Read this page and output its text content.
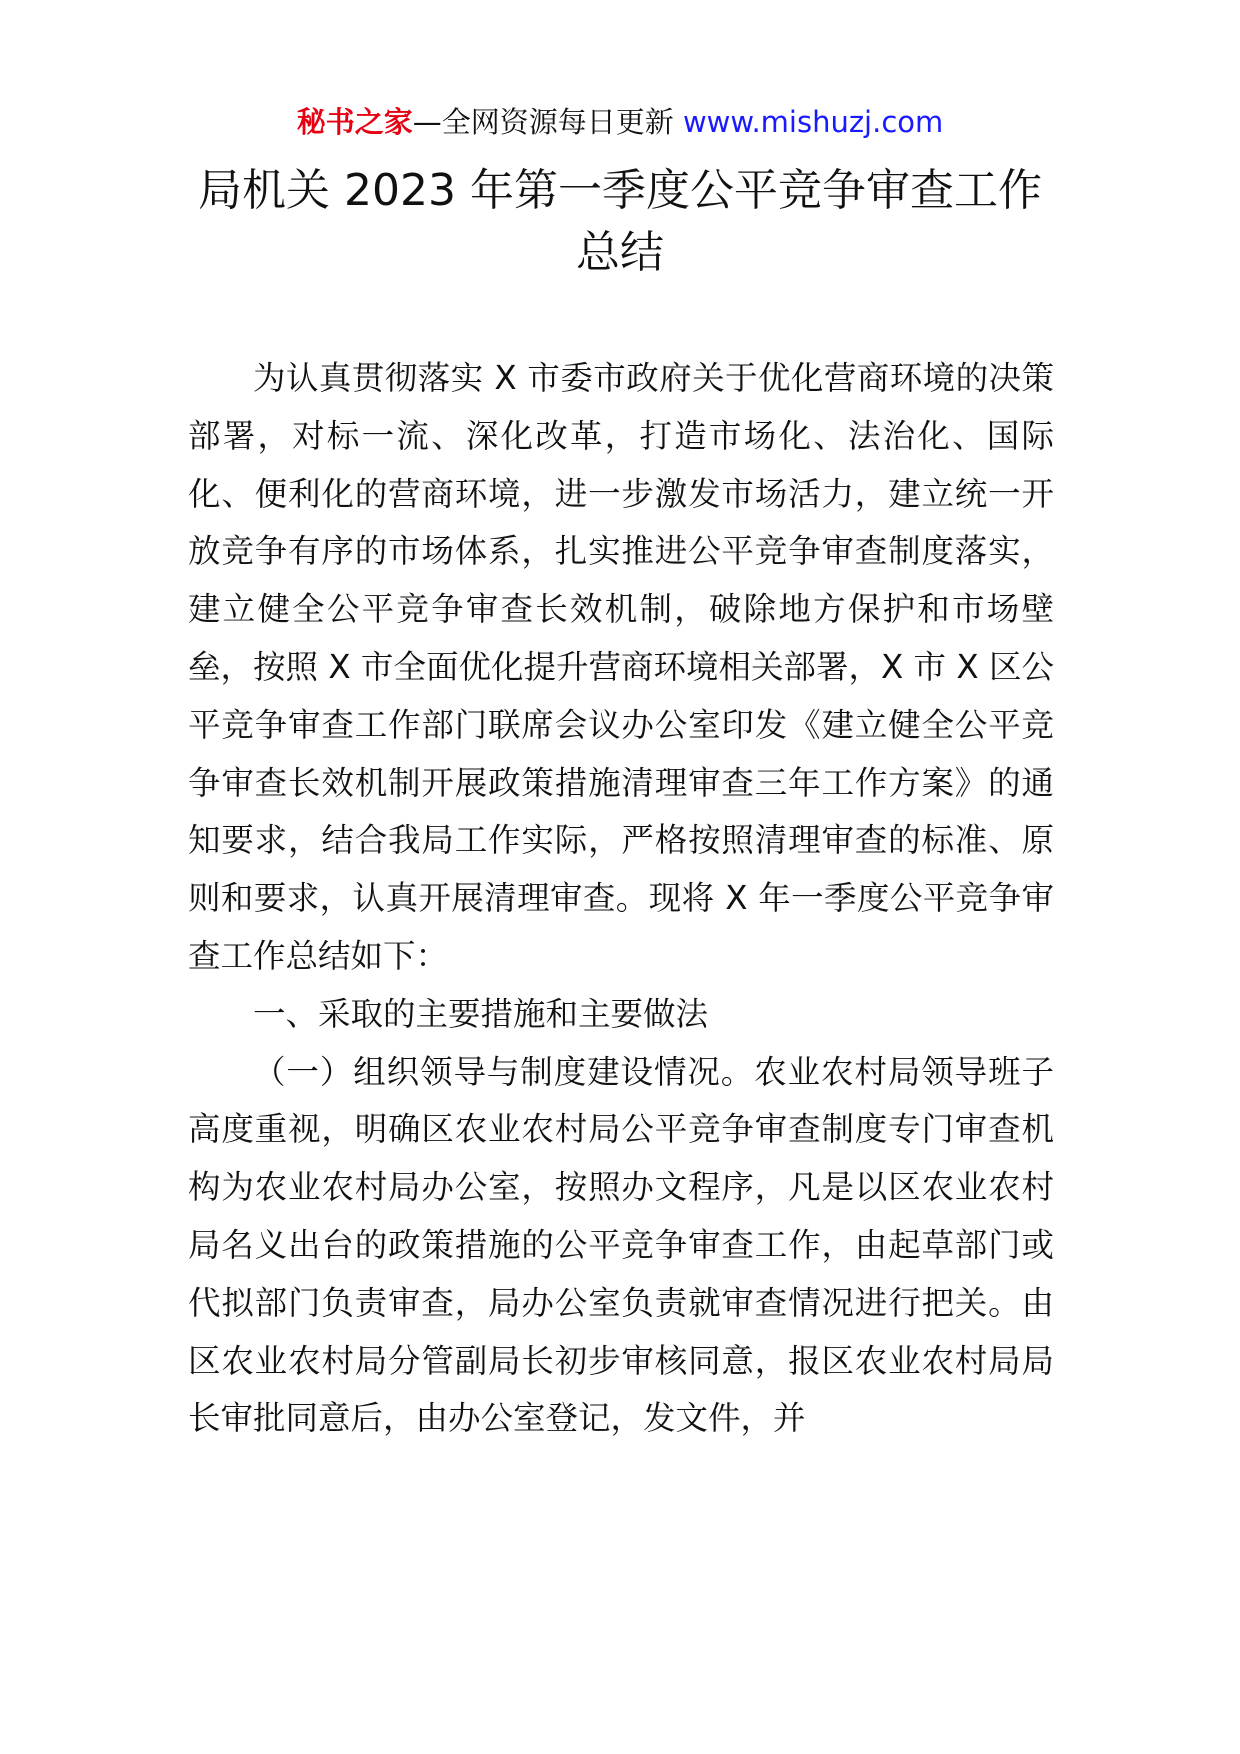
秘书之家—全网资源每日更新 www.mishuzj.com
局机关 2023 年第一季度公平竞争审查工作
总结

为认真贯彻落实 X 市委市政府关于优化营商环境的决策部署，对标一流、深化改革，打造市场化、法治化、国际化、便利化的营商环境，进一步激发市场活力，建立统一开放竞争有序的市场体系，扎实推进公平竞争审查制度落实，建立健全公平竞争审查长效机制，破除地方保护和市场壁垒，按照 X 市全面优化提升营商环境相关部署，X 市 X 区公平竞争审查工作部门联席会议办公室印发《建立健全公平竞争审查长效机制开展政策措施清理审查三年工作方案》的通知要求，结合我局工作实际，严格按照清理审查的标准、原则和要求，认真开展清理审查。现将 X 年一季度公平竞争审查工作总结如下：

一、采取的主要措施和主要做法

（一）组织领导与制度建设情况。农业农村局领导班子高度重视，明确区农业农村局公平竞争审查制度专门审查机构为农业农村局办公室，按照办文程序，凡是以区农业农村局名义出台的政策措施的公平竞争审查工作，由起草部门或代拟部门负责审查，局办公室负责就审查情况进行把关。由区农业农村局分管副局长初步审核同意，报区农业农村局局长审批同意后，由办公室登记，发文件，并
